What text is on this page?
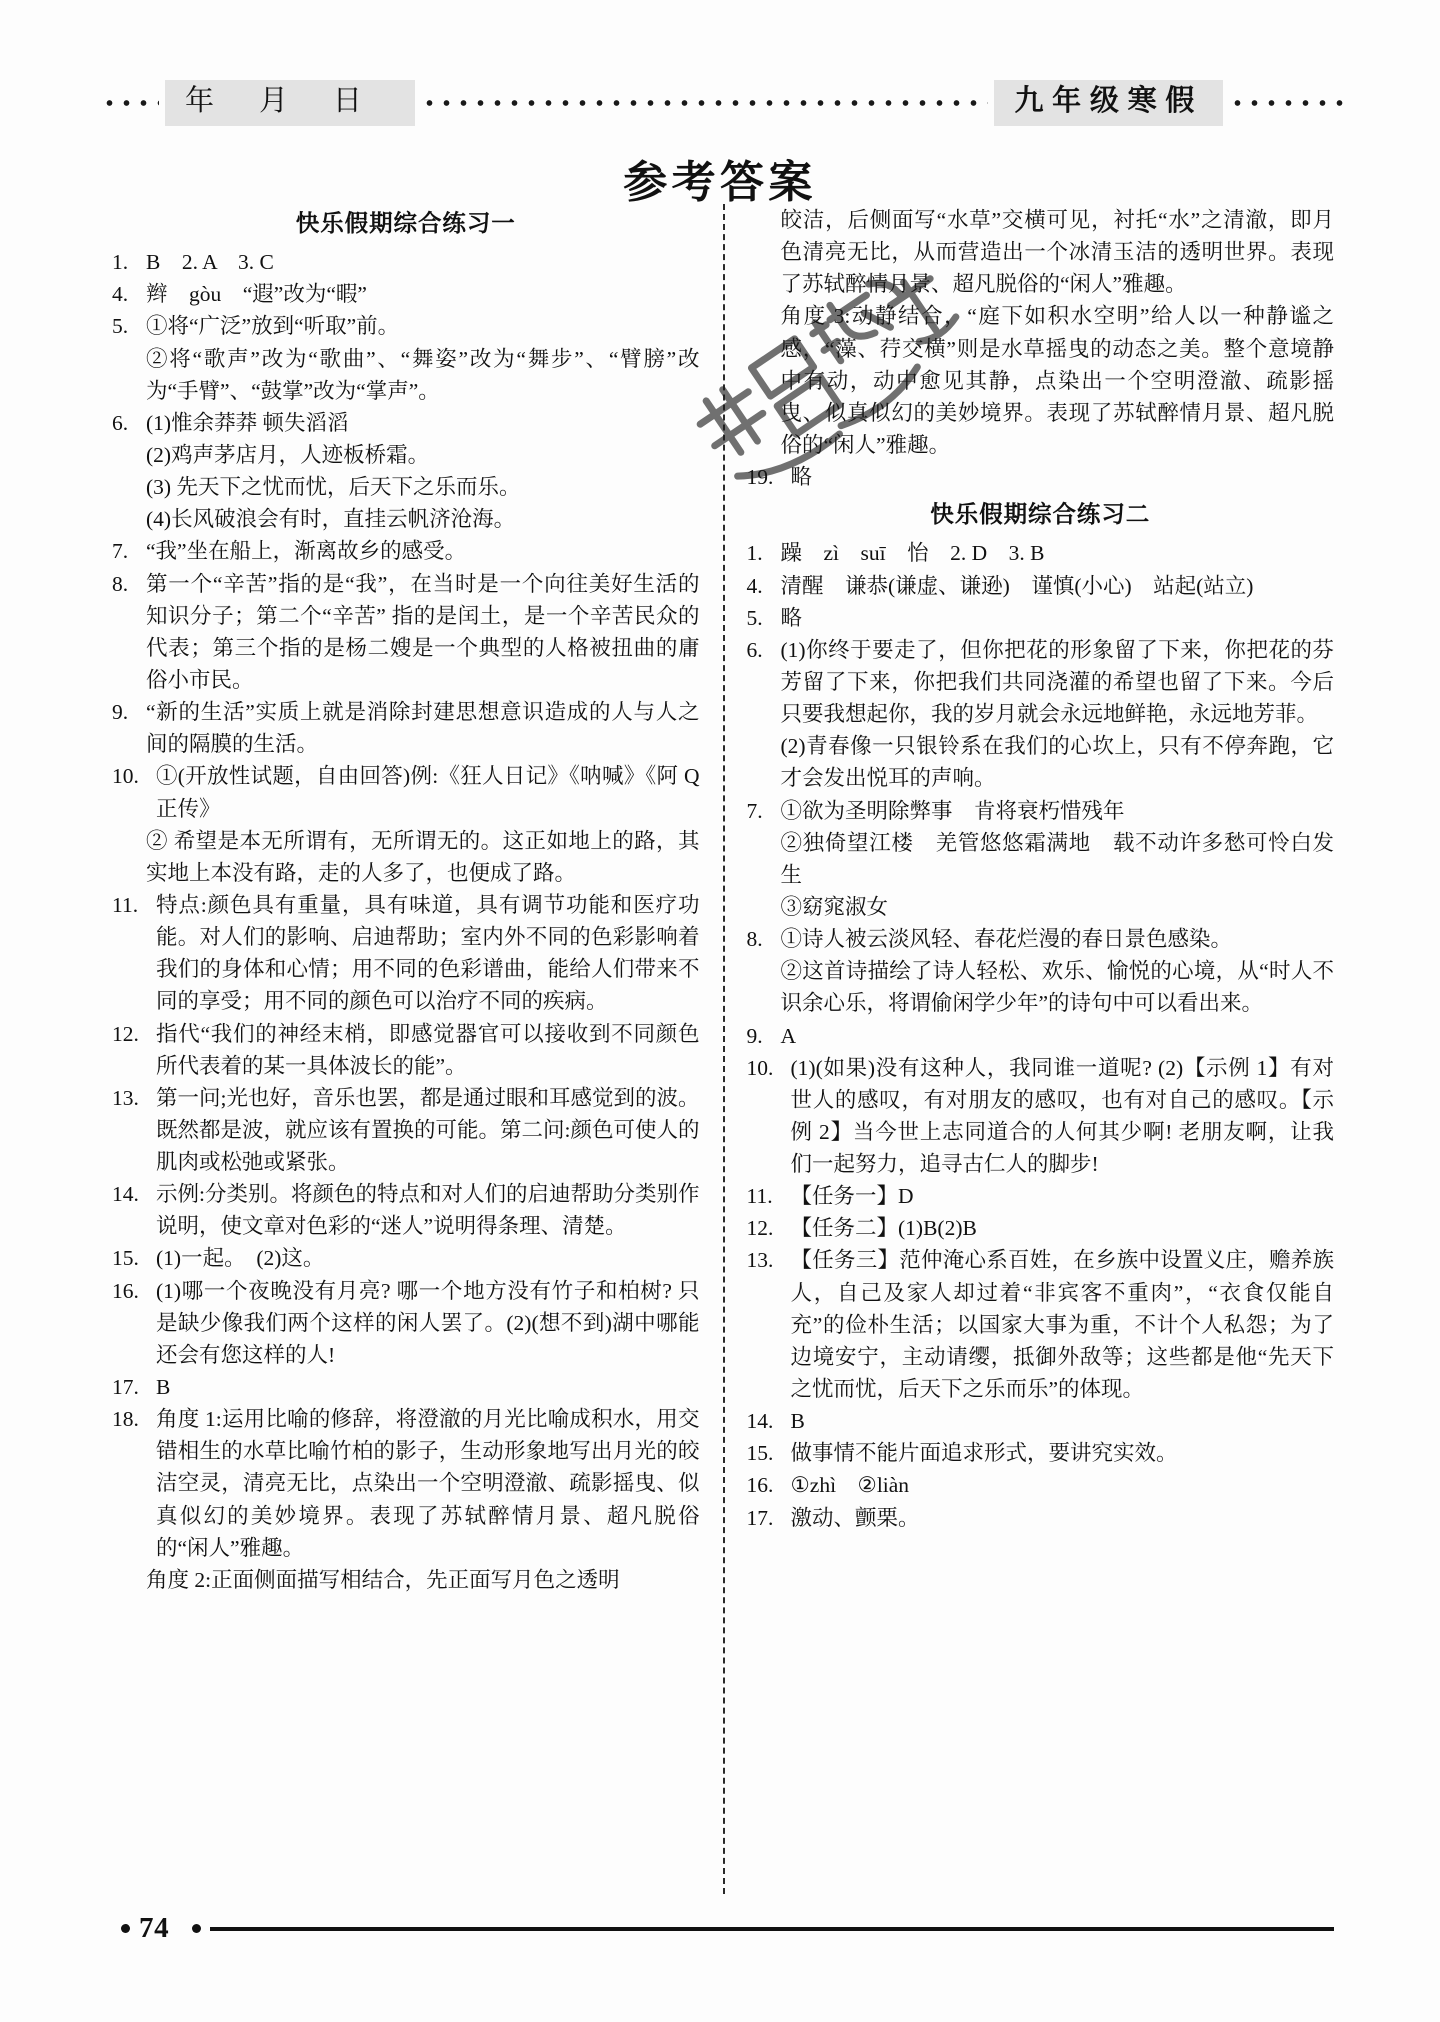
年 月 日	九年级寒假
参考答案
快乐假期综合练习一
1. B　2. A　3. C
4. 辫　gòu　“遐”改为“暇”
5. ①将“广泛”放到“听取”前。
②将“歌声”改为“歌曲”、“舞姿”改为“舞步”、“臂膀”改为“手臂”、“鼓掌”改为“掌声”。
6. (1)惟余莽莽 顿失滔滔
(2)鸡声茅店月，人迹板桥霜。
(3) 先天下之忧而忧，后天下之乐而乐。
(4)长风破浪会有时，直挂云帆济沧海。
7. “我”坐在船上，渐离故乡的感受。
8. 第一个“辛苦”指的是“我”，在当时是一个向往美好生活的知识分子；第二个“辛苦” 指的是闰土，是一个辛苦民众的代表；第三个指的是杨二嫂是一个典型的人格被扭曲的庸俗小市民。
9. “新的生活”实质上就是消除封建思想意识造成的人与人之间的隔膜的生活。
10. ①(开放性试题，自由回答)例:《狂人日记》《呐喊》《阿 Q 正传》
② 希望是本无所谓有，无所谓无的。这正如地上的路，其实地上本没有路，走的人多了，也便成了路。
11. 特点:颜色具有重量，具有味道，具有调节功能和医疗功能。对人们的影响、启迪帮助；室内外不同的色彩影响着我们的身体和心情；用不同的色彩谱曲，能给人们带来不同的享受；用不同的颜色可以治疗不同的疾病。
12. 指代“我们的神经末梢，即感觉器官可以接收到不同颜色所代表着的某一具体波长的能”。
13. 第一问;光也好，音乐也罢，都是通过眼和耳感觉到的波。既然都是波，就应该有置换的可能。第二问:颜色可使人的肌肉或松弛或紧张。
14. 示例:分类别。将颜色的特点和对人们的启迪帮助分类别作说明，使文章对色彩的“迷人”说明得条理、清楚。
15. (1)一起。　(2)这。
16. (1)哪一个夜晚没有月亮? 哪一个地方没有竹子和柏树? 只是缺少像我们两个这样的闲人罢了。(2)(想不到)湖中哪能还会有您这样的人!
17. B
18. 角度 1:运用比喻的修辞，将澄澈的月光比喻成积水，用交错相生的水草比喻竹柏的影子，生动形象地写出月光的皎洁空灵，清亮无比，点染出一个空明澄澈、疏影摇曳、似真似幻的美妙境界。表现了苏轼醉情月景、超凡脱俗的“闲人”雅趣。
角度 2:正面侧面描写相结合，先正面写月色之透明
皎洁，后侧面写“水草”交横可见，衬托“水”之清澈，即月色清亮无比，从而营造出一个冰清玉洁的透明世界。表现了苏轼醉情月景、超凡脱俗的“闲人”雅趣。
角度 3:动静结合，“庭下如积水空明”给人以一种静谧之感，“藻、荇交横”则是水草摇曳的动态之美。整个意境静中有动，动中愈见其静，点染出一个空明澄澈、疏影摇曳、似真似幻的美妙境界。表现了苏轼醉情月景、超凡脱俗的“闲人”雅趣。
19. 略
快乐假期综合练习二
1. 躁　zì　suī　怡　2. D　3. B
4. 清醒　谦恭(谦虚、谦逊)　谨慎(小心)　站起(站立)
5. 略
6. (1)你终于要走了，但你把花的形象留了下来，你把花的芬芳留了下来，你把我们共同浇灌的希望也留了下来。今后只要我想起你，我的岁月就会永远地鲜艳，永远地芳菲。
(2)青春像一只银铃系在我们的心坎上，只有不停奔跑，它才会发出悦耳的声响。
7. ①欲为圣明除弊事　肯将衰朽惜残年
②独倚望江楼　羌管悠悠霜满地　载不动许多愁可怜白发生
③窈窕淑女
8. ①诗人被云淡风轻、春花烂漫的春日景色感染。
②这首诗描绘了诗人轻松、欢乐、愉悦的心境，从“时人不识余心乐，将谓偷闲学少年”的诗句中可以看出来。
9. A
10. (1)(如果)没有这种人，我同谁一道呢? (2)【示例 1】有对世人的感叹，有对朋友的感叹，也有对自己的感叹。【示例 2】当今世上志同道合的人何其少啊! 老朋友啊，让我们一起努力，追寻古仁人的脚步!
11. 【任务一】D
12. 【任务二】(1)B(2)B
13. 【任务三】范仲淹心系百姓，在乡族中设置义庄，赡养族人，自己及家人却过着“非宾客不重肉”，“衣食仅能自充”的俭朴生活；以国家大事为重，不计个人私怨；为了边境安宁，主动请缨，抵御外敌等；这些都是他“先天下之忧而忧，后天下之乐而乐”的体现。
14. B
15. 做事情不能片面追求形式，要讲究实效。
16. ①zhì　②liàn
17. 激动、颤栗。
74
